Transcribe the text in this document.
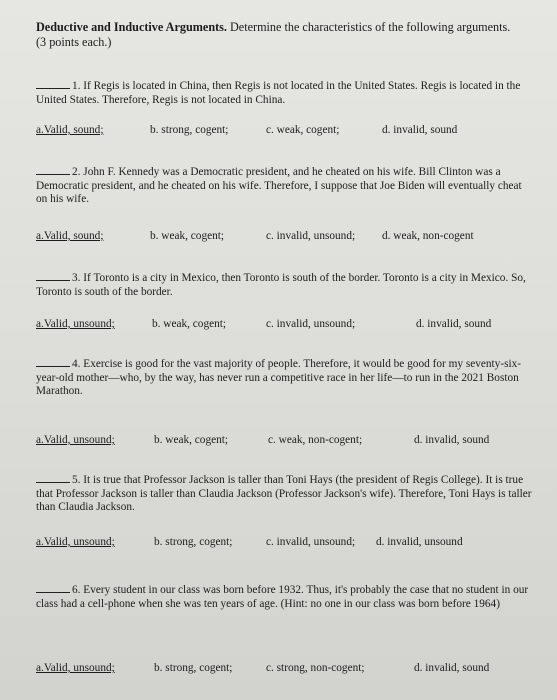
Deductive and Inductive Arguments. Determine the characteristics of the following arguments.
(3 points each.)
1. If Regis is located in China, then Regis is not located in the United States. Regis is located in the United States. Therefore, Regis is not located in China.
a.Valid, sound;	b. strong, cogent;	c. weak, cogent;	d. invalid, sound
2. John F. Kennedy was a Democratic president, and he cheated on his wife. Bill Clinton was a Democratic president, and he cheated on his wife. Therefore, I suppose that Joe Biden will eventually cheat on his wife.
a.Valid, sound;	b. weak, cogent;	c. invalid, unsound; d. weak, non-cogent
3. If Toronto is a city in Mexico, then Toronto is south of the border. Toronto is a city in Mexico. So, Toronto is south of the border.
a.Valid, unsound;	b. weak, cogent;	c. invalid, unsound;	d. invalid, sound
4. Exercise is good for the vast majority of people. Therefore, it would be good for my seventy-six-year-old mother—who, by the way, has never run a competitive race in her life—to run in the 2021 Boston Marathon.
a.Valid, unsound;	b. weak, cogent;	c. weak, non-cogent;	d. invalid, sound
5. It is true that Professor Jackson is taller than Toni Hays (the president of Regis College). It is true that Professor Jackson is taller than Claudia Jackson (Professor Jackson's wife). Therefore, Toni Hays is taller than Claudia Jackson.
a.Valid, unsound;	b. strong, cogent;	c. invalid, unsound; d. invalid, unsound
6. Every student in our class was born before 1932. Thus, it's probably the case that no student in our class had a cell-phone when she was ten years of age. (Hint: no one in our class was born before 1964)
a.Valid, unsound;	b. strong, cogent;	c. strong, non-cogent;	d. invalid, sound
